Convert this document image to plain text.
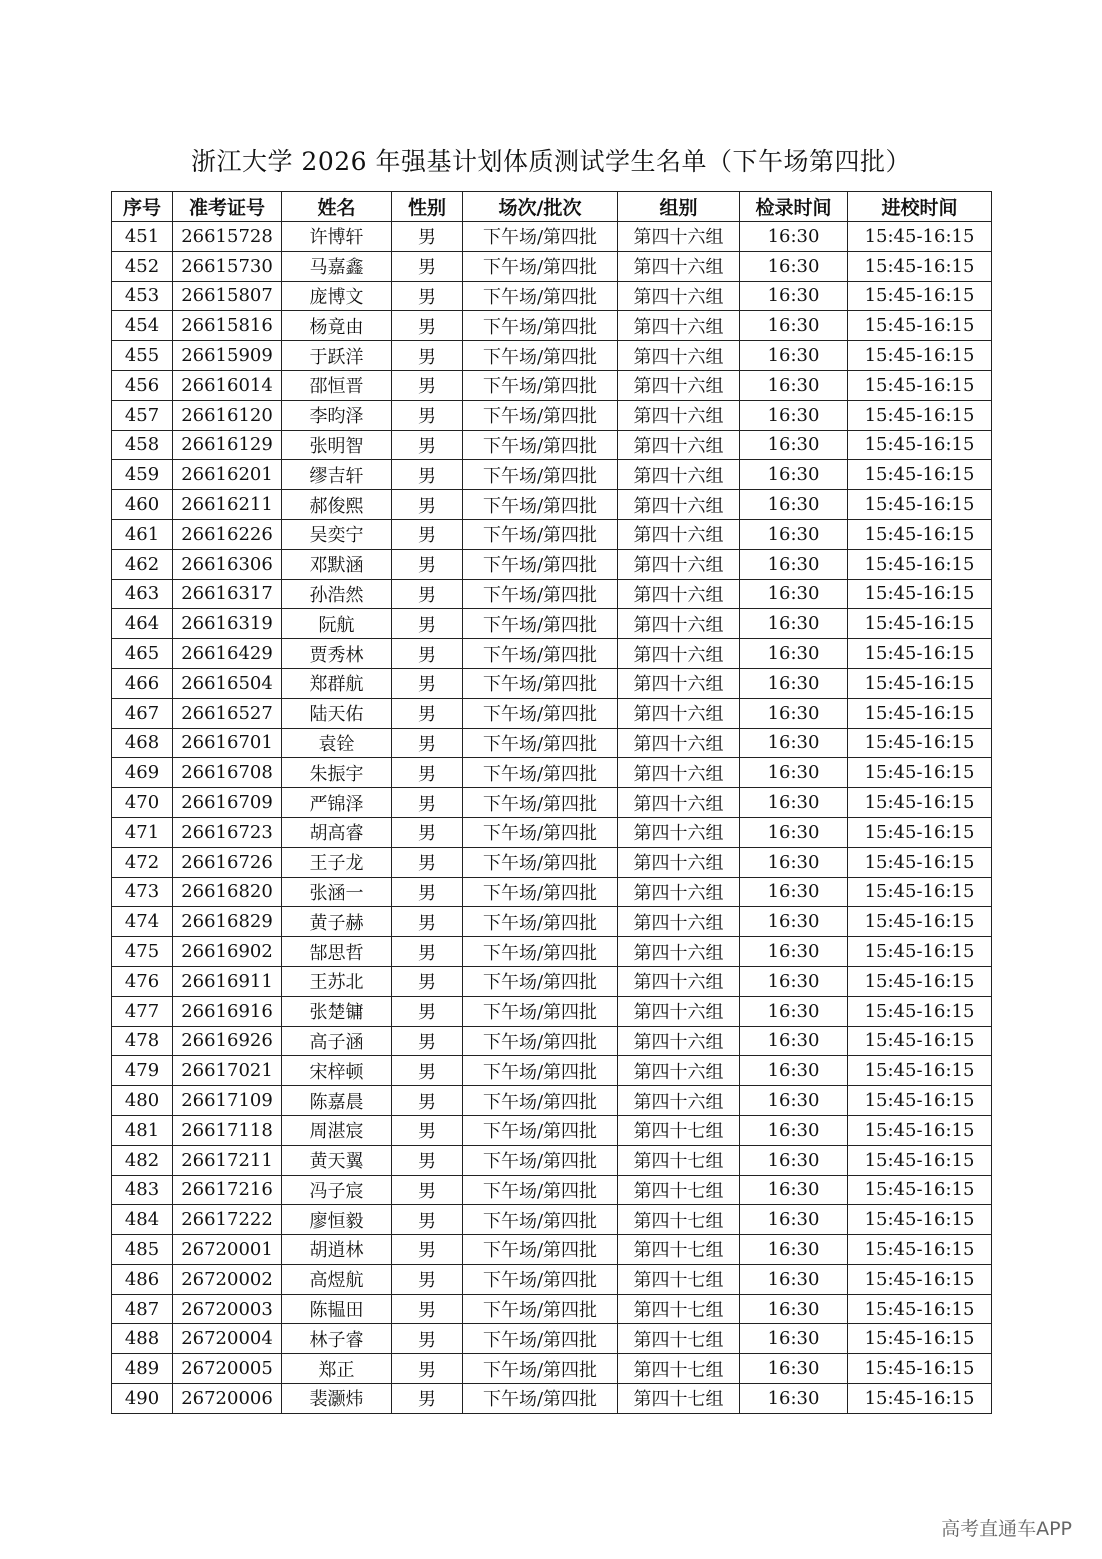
浙江大学 2026 年强基计划体质测试学生名单（下午场第四批）
序号	准考证号	姓名	性别	场次/批次	组别	检录时间	进校时间
451	26615728	许博轩	男	下午场/第四批	第四十六组	16:30	15:45-16:15
452	26615730	马嘉鑫	男	下午场/第四批	第四十六组	16:30	15:45-16:15
453	26615807	庞博文	男	下午场/第四批	第四十六组	16:30	15:45-16:15
454	26615816	杨竟由	男	下午场/第四批	第四十六组	16:30	15:45-16:15
455	26615909	于跃洋	男	下午场/第四批	第四十六组	16:30	15:45-16:15
456	26616014	邵恒晋	男	下午场/第四批	第四十六组	16:30	15:45-16:15
457	26616120	李昀泽	男	下午场/第四批	第四十六组	16:30	15:45-16:15
458	26616129	张明智	男	下午场/第四批	第四十六组	16:30	15:45-16:15
459	26616201	缪吉轩	男	下午场/第四批	第四十六组	16:30	15:45-16:15
460	26616211	郝俊熙	男	下午场/第四批	第四十六组	16:30	15:45-16:15
461	26616226	吴奕宁	男	下午场/第四批	第四十六组	16:30	15:45-16:15
462	26616306	邓默涵	男	下午场/第四批	第四十六组	16:30	15:45-16:15
463	26616317	孙浩然	男	下午场/第四批	第四十六组	16:30	15:45-16:15
464	26616319	阮航	男	下午场/第四批	第四十六组	16:30	15:45-16:15
465	26616429	贾秀林	男	下午场/第四批	第四十六组	16:30	15:45-16:15
466	26616504	郑群航	男	下午场/第四批	第四十六组	16:30	15:45-16:15
467	26616527	陆天佑	男	下午场/第四批	第四十六组	16:30	15:45-16:15
468	26616701	袁铨	男	下午场/第四批	第四十六组	16:30	15:45-16:15
469	26616708	朱振宇	男	下午场/第四批	第四十六组	16:30	15:45-16:15
470	26616709	严锦泽	男	下午场/第四批	第四十六组	16:30	15:45-16:15
471	26616723	胡高睿	男	下午场/第四批	第四十六组	16:30	15:45-16:15
472	26616726	王子龙	男	下午场/第四批	第四十六组	16:30	15:45-16:15
473	26616820	张涵一	男	下午场/第四批	第四十六组	16:30	15:45-16:15
474	26616829	黄子赫	男	下午场/第四批	第四十六组	16:30	15:45-16:15
475	26616902	郜思哲	男	下午场/第四批	第四十六组	16:30	15:45-16:15
476	26616911	王苏北	男	下午场/第四批	第四十六组	16:30	15:45-16:15
477	26616916	张楚镛	男	下午场/第四批	第四十六组	16:30	15:45-16:15
478	26616926	高子涵	男	下午场/第四批	第四十六组	16:30	15:45-16:15
479	26617021	宋梓顿	男	下午场/第四批	第四十六组	16:30	15:45-16:15
480	26617109	陈嘉晨	男	下午场/第四批	第四十六组	16:30	15:45-16:15
481	26617118	周湛宸	男	下午场/第四批	第四十七组	16:30	15:45-16:15
482	26617211	黄天翼	男	下午场/第四批	第四十七组	16:30	15:45-16:15
483	26617216	冯子宸	男	下午场/第四批	第四十七组	16:30	15:45-16:15
484	26617222	廖恒毅	男	下午场/第四批	第四十七组	16:30	15:45-16:15
485	26720001	胡逍林	男	下午场/第四批	第四十七组	16:30	15:45-16:15
486	26720002	高煜航	男	下午场/第四批	第四十七组	16:30	15:45-16:15
487	26720003	陈韫田	男	下午场/第四批	第四十七组	16:30	15:45-16:15
488	26720004	林子睿	男	下午场/第四批	第四十七组	16:30	15:45-16:15
489	26720005	郑正	男	下午场/第四批	第四十七组	16:30	15:45-16:15
490	26720006	裴灏炜	男	下午场/第四批	第四十七组	16:30	15:45-16:15
高考直通车APP
